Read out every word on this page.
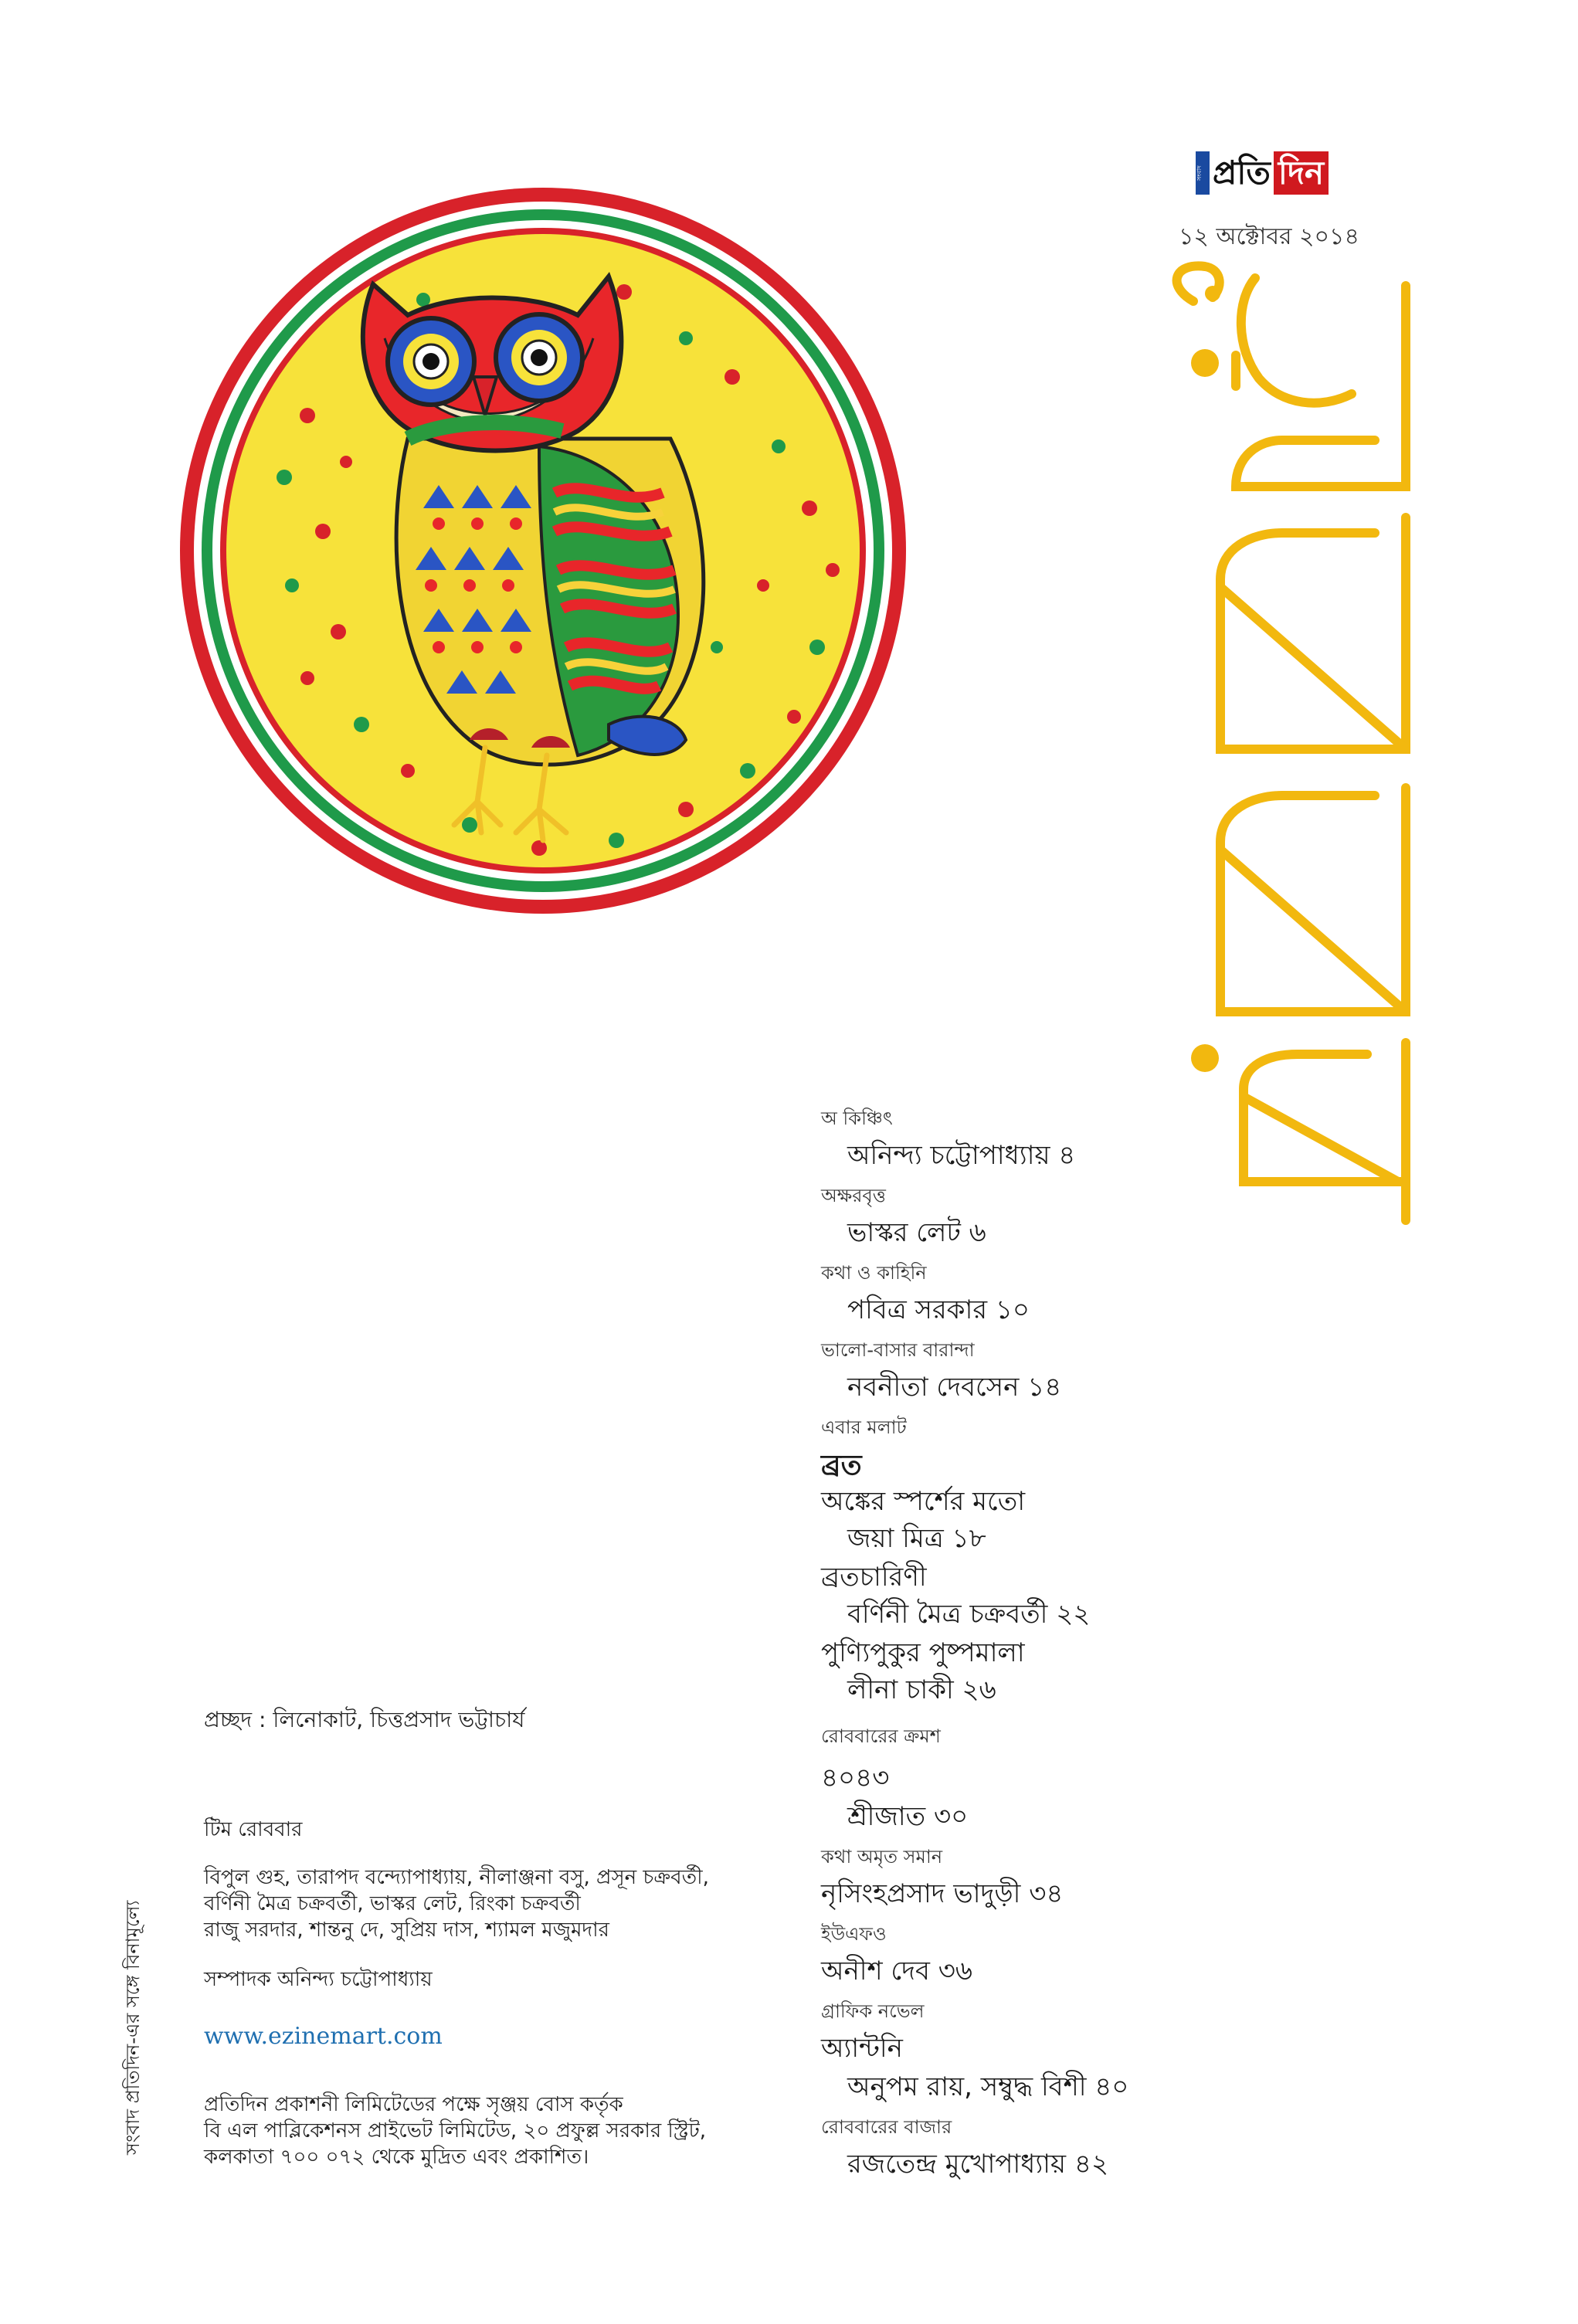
সংবাদ প্রতি দিন
১২ অক্টোবর ২০১৪
অ কিঞ্চিৎ
অনিন্দ্য চট্টোপাধ্যায় ৪
অক্ষরবৃত্ত
ভাস্কর লেট ৬
কথা ও কাহিনি
পবিত্র সরকার ১০
ভালো-বাসার বারান্দা
নবনীতা দেবসেন ১৪
এবার মলাট
ব্রত
অঙ্কের স্পর্শের মতো
জয়া মিত্র ১৮
ব্রতচারিণী
বর্ণিনী মৈত্র চক্রবর্তী ২২
পুণ্যিপুকুর পুষ্পমালা
লীনা চাকী ২৬
রোববারের ক্রমশ
৪০৪৩
শ্রীজাত ৩০
কথা অমৃত সমান
নৃসিংহপ্রসাদ ভাদুড়ী ৩৪
ইউএফও
অনীশ দেব ৩৬
গ্রাফিক নভেল
অ্যান্টনি
অনুপম রায়, সম্বুদ্ধ বিশী ৪০
রোববারের বাজার
রজতেন্দ্র মুখোপাধ্যায় ৪২
প্রচ্ছদ : লিনোকাট, চিত্তপ্রসাদ ভট্টাচার্য
টিম রোববার
বিপুল গুহ, তারাপদ বন্দ্যোপাধ্যায়, নীলাঞ্জনা বসু, প্রসূন চক্রবর্তী,
বর্ণিনী মৈত্র চক্রবর্তী, ভাস্কর লেট, রিংকা চক্রবর্তী
রাজু সরদার, শান্তনু দে, সুপ্রিয় দাস, শ্যামল মজুমদার
সম্পাদক অনিন্দ্য চট্টোপাধ্যায়
www.ezinemart.com
প্রতিদিন প্রকাশনী লিমিটেডের পক্ষে সৃঞ্জয় বোস কর্তৃক
বি এল পাব্লিকেশনস প্রাইভেট লিমিটেড, ২০ প্রফুল্ল সরকার স্ট্রিট,
কলকাতা ৭০০ ০৭২ থেকে মুদ্রিত এবং প্রকাশিত।
সংবাদ প্রতিদিন-এর সঙ্গে বিনামূল্যে
